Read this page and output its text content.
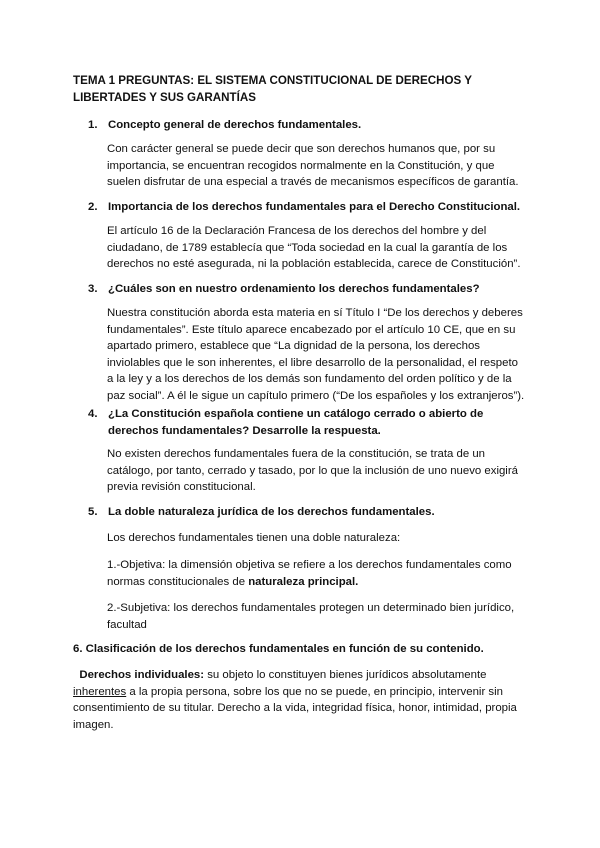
TEMA 1 PREGUNTAS: EL SISTEMA CONSTITUCIONAL DE DERECHOS Y LIBERTADES Y SUS GARANTÍAS

1. Concepto general de derechos fundamentales.

Con carácter general se puede decir que son derechos humanos que, por su importancia, se encuentran recogidos normalmente en la Constitución, y que suelen disfrutar de una especial a través de mecanismos específicos de garantía.

2. Importancia de los derechos fundamentales para el Derecho Constitucional.

El artículo 16 de la Declaración Francesa de los derechos del hombre y del ciudadano, de 1789 establecía que “Toda sociedad en la cual la garantía de los derechos no esté asegurada, ni la población establecida, carece de Constitución”.

3. ¿Cuáles son en nuestro ordenamiento los derechos fundamentales?

Nuestra constitución aborda esta materia en sí Título I “De los derechos y deberes fundamentales”. Este título aparece encabezado por el artículo 10 CE, que en su apartado primero, establece que “La dignidad de la persona, los derechos inviolables que le son inherentes, el libre desarrollo de la personalidad, el respeto a la ley y a los derechos de los demás son fundamento del orden político y de la paz social”. A él le sigue un capítulo primero (“De los españoles y los extranjeros”).

4. ¿La Constitución española contiene un catálogo cerrado o abierto de derechos fundamentales? Desarrolle la respuesta.

No existen derechos fundamentales fuera de la constitución, se trata de un catálogo, por tanto, cerrado y tasado, por lo que la inclusión de uno nuevo exigirá previa revisión constitucional.

5. La doble naturaleza jurídica de los derechos fundamentales.

Los derechos fundamentales tienen una doble naturaleza:

1.-Objetiva: la dimensión objetiva se refiere a los derechos fundamentales como normas constitucionales de naturaleza principal.

2.-Subjetiva: los derechos fundamentales protegen un determinado bien jurídico, facultad

6. Clasificación de los derechos fundamentales en función de su contenido.

Derechos individuales: su objeto lo constituyen bienes jurídicos absolutamente inherentes a la propia persona, sobre los que no se puede, en principio, intervenir sin consentimiento de su titular. Derecho a la vida, integridad física, honor, intimidad, propia imagen.
